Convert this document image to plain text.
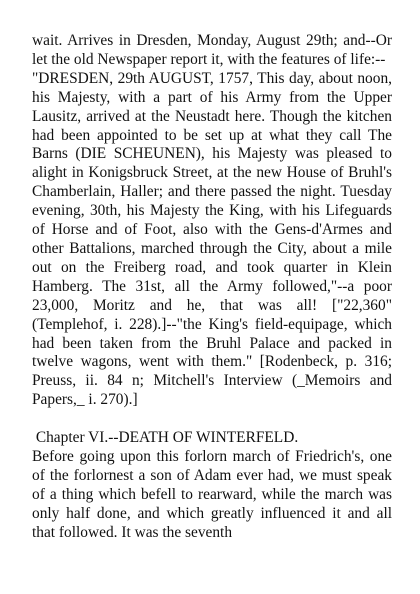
wait. Arrives in Dresden, Monday, August 29th; and--Or let the old Newspaper report it, with the features of life:--

"DRESDEN, 29th AUGUST, 1757, This day, about noon, his Majesty, with a part of his Army from the Upper Lausitz, arrived at the Neustadt here. Though the kitchen had been appointed to be set up at what they call The Barns (DIE SCHEUNEN), his Majesty was pleased to alight in Konigsbruck Street, at the new House of Bruhl's Chamberlain, Haller; and there passed the night. Tuesday evening, 30th, his Majesty the King, with his Lifeguards of Horse and of Foot, also with the Gens-d'Armes and other Battalions, marched through the City, about a mile out on the Freiberg road, and took quarter in Klein Hamberg. The 31st, all the Army followed,"--a poor 23,000, Moritz and he, that was all! ["22,360" (Templehof, i. 228).]--"the King's field-equipage, which had been taken from the Bruhl Palace and packed in twelve wagons, went with them." [Rodenbeck, p. 316; Preuss, ii. 84 n; Mitchell's Interview (_Memoirs and Papers,_ i. 270).]

Chapter VI.--DEATH OF WINTERFELD.

Before going upon this forlorn march of Friedrich's, one of the forlornest a son of Adam ever had, we must speak of a thing which befell to rearward, while the march was only half done, and which greatly influenced it and all that followed. It was the seventh
